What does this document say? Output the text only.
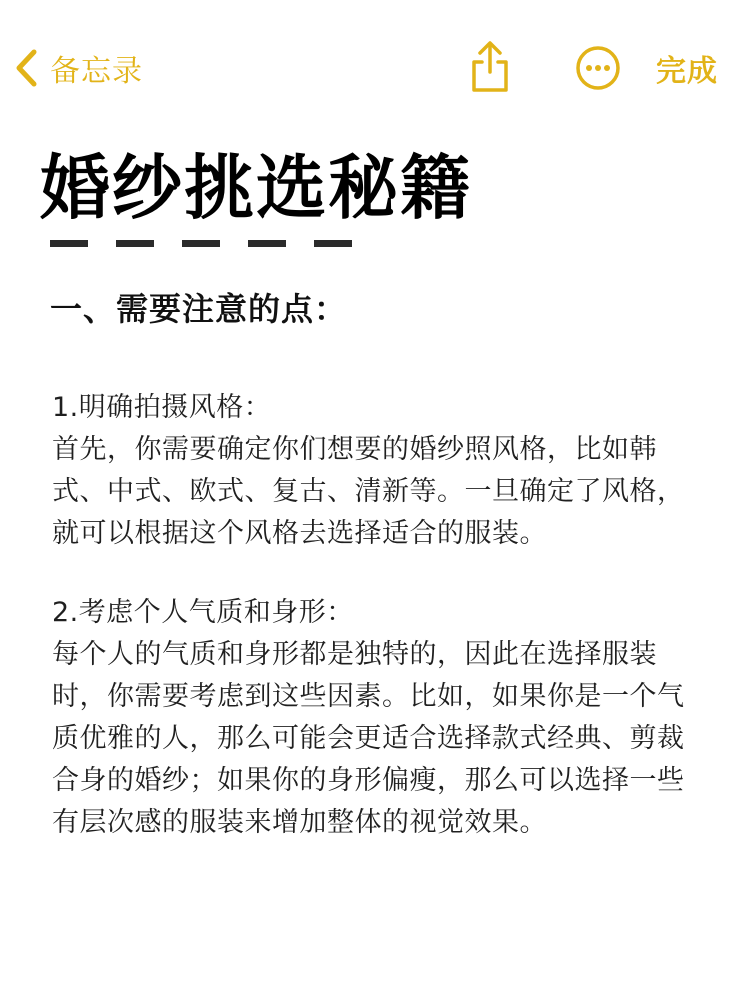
备忘录	完成
婚纱挑选秘籍
一、需要注意的点：

1.明确拍摄风格：

首先，你需要确定你们想要的婚纱照风格，比如韩

式、中式、欧式、复古、清新等。一旦确定了风格，

就可以根据这个风格去选择适合的服装。

2.考虑个人气质和身形：

每个人的气质和身形都是独特的，因此在选择服装

时，你需要考虑到这些因素。比如，如果你是一个气

质优雅的人，那么可能会更适合选择款式经典、剪裁

合身的婚纱；如果你的身形偏瘦，那么可以选择一些

有层次感的服装来增加整体的视觉效果。
